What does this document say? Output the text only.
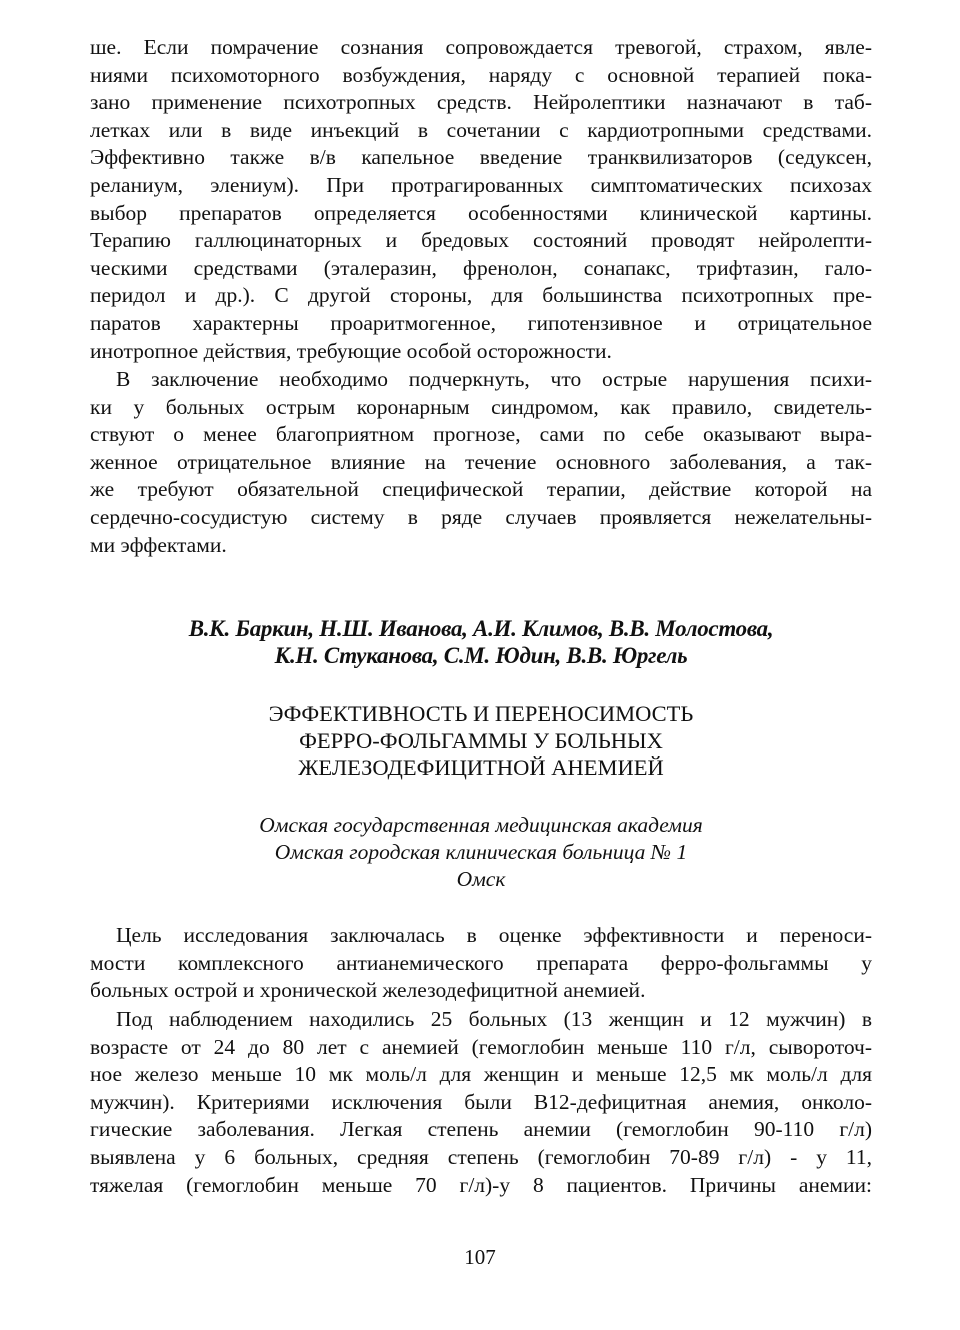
ше. Если помрачение сознания сопровождается тревогой, страхом, явле-
ниями психомоторного возбуждения, наряду с основной терапией пока-
зано применение психотропных средств. Нейролептики назначают в таб-
летках или в виде инъекций в сочетании с кардиотропными средствами.
Эффективно также в/в капельное введение транквилизаторов (седуксен,
реланиум, элениум). При протрагированных симптоматических психозах
выбор препаратов определяется особенностями клинической картины.
Терапию галлюцинаторных и бредовых состояний проводят нейролепти-
ческими средствами (эталеразин, френолон, сонапакс, трифтазин, гало-
перидол и др.). С другой стороны, для большинства психотропных пре-
паратов характерны проаритмогенное, гипотензивное и отрицательное
инотропное действия, требующие особой осторожности.
В заключение необходимо подчеркнуть, что острые нарушения психи-
ки у больных острым коронарным синдромом, как правило, свидетель-
ствуют о менее благоприятном прогнозе, сами по себе оказывают выра-
женное отрицательное влияние на течение основного заболевания, а так-
же требуют обязательной специфической терапии, действие которой на
сердечно-сосудистую систему в ряде случаев проявляется нежелательны-
ми эффектами.
В.К. Баркин, Н.Ш. Иванова, А.И. Климов, В.В. Молостова,
К.Н. Стуканова, С.М. Юдин, В.В. Юргель
ЭФФЕКТИВНОСТЬ И ПЕРЕНОСИМОСТЬ
ФЕРРО-ФОЛЬГАММЫ У БОЛЬНЫХ
ЖЕЛЕЗОДЕФИЦИТНОЙ АНЕМИЕЙ
Омская государственная медицинская академия
Омская городская клиническая больница № 1
Омск
Цель исследования заключалась в оценке эффективности и переноси-
мости комплексного антианемического препарата ферро-фольгаммы у
больных острой и хронической железодефицитной анемией.
Под наблюдением находились 25 больных (13 женщин и 12 мужчин) в
возрасте от 24 до 80 лет с анемией (гемоглобин меньше 110 г/л, сывороточ-
ное железо меньше 10 мк моль/л для женщин и меньше 12,5 мк моль/л для
мужчин). Критериями исключения были В12-дефицитная анемия, онколо-
гические заболевания. Легкая степень анемии (гемоглобин 90-110 г/л)
выявлена у 6 больных, средняя степень (гемоглобин 70-89 г/л) - у 11,
тяжелая (гемоглобин меньше 70 г/л)-у 8 пациентов. Причины анемии:
107
